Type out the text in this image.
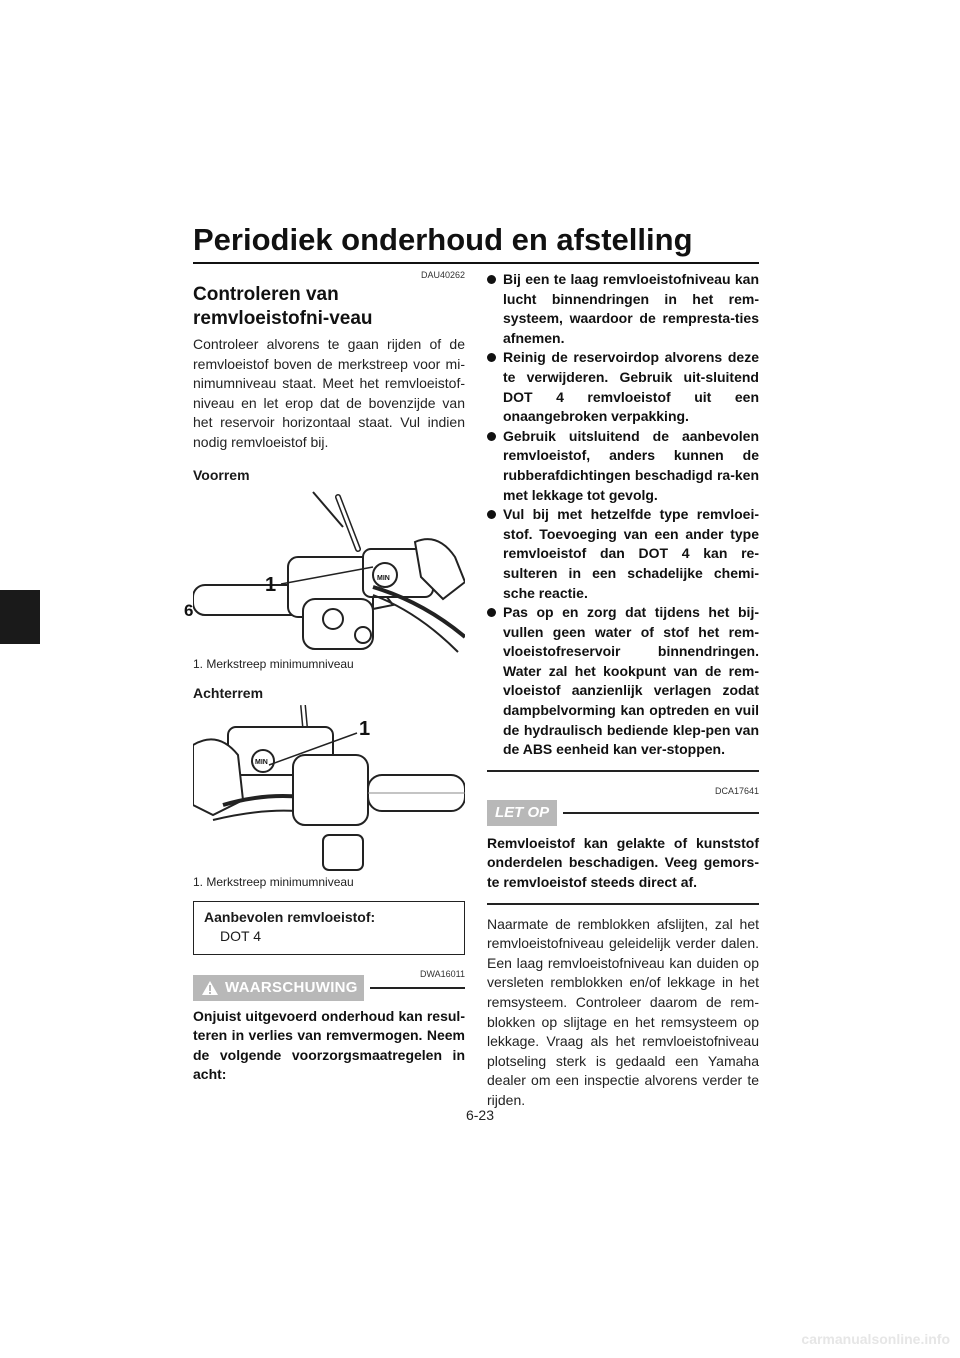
Periodiek onderhoud en afstelling
6
DAU40262
Controleren van remvloeistofni-veau

Controleer alvorens te gaan rijden of de remvloeistof boven de merkstreep voor mi-nimumniveau staat. Meet het remvloeistof-niveau en let erop dat de bovenzijde van het reservoir horizontaal staat. Vul indien nodig remvloeistof bij.

Voorrem
1	MIN
1. Merkstreep minimumniveau
Achterrem
1
MIN
1. Merkstreep minimumniveau
Aanbevolen remvloeistof:
DOT 4
DWA16011
WAARSCHUWING
Onjuist uitgevoerd onderhoud kan resul-teren in verlies van remvermogen. Neem de volgende voorzorgsmaatregelen in acht:
Bij een te laag remvloeistofniveau kan lucht binnendringen in het rem-systeem, waardoor de rempresta-ties afnemen.
Reinig de reservoirdop alvorens deze te verwijderen. Gebruik uit-sluitend DOT 4 remvloeistof uit een onaangebroken verpakking.
Gebruik uitsluitend de aanbevolen remvloeistof, anders kunnen de rubberafdichtingen beschadigd ra-ken met lekkage tot gevolg.
Vul bij met hetzelfde type remvloei-stof. Toevoeging van een ander type remvloeistof dan DOT 4 kan re-sulteren in een schadelijke chemi-sche reactie.
Pas op en zorg dat tijdens het bij-vullen geen water of stof het rem-vloeistofreservoir binnendringen. Water zal het kookpunt van de rem-vloeistof aanzienlijk verlagen zodat dampbelvorming kan optreden en vuil de hydraulisch bediende klep-pen van de ABS eenheid kan ver-stoppen.
DCA17641
LET OP
Remvloeistof kan gelakte of kunststof onderdelen beschadigen. Veeg gemors-te remvloeistof steeds direct af.

Naarmate de remblokken afslijten, zal het remvloeistofniveau geleidelijk verder dalen. Een laag remvloeistofniveau kan duiden op versleten remblokken en/of lekkage in het remsysteem. Controleer daarom de rem-blokken op slijtage en het remsysteem op lekkage. Vraag als het remvloeistofniveau plotseling sterk is gedaald een Yamaha dealer om een inspectie alvorens verder te rijden.

6-23
carmanualsonline.info
